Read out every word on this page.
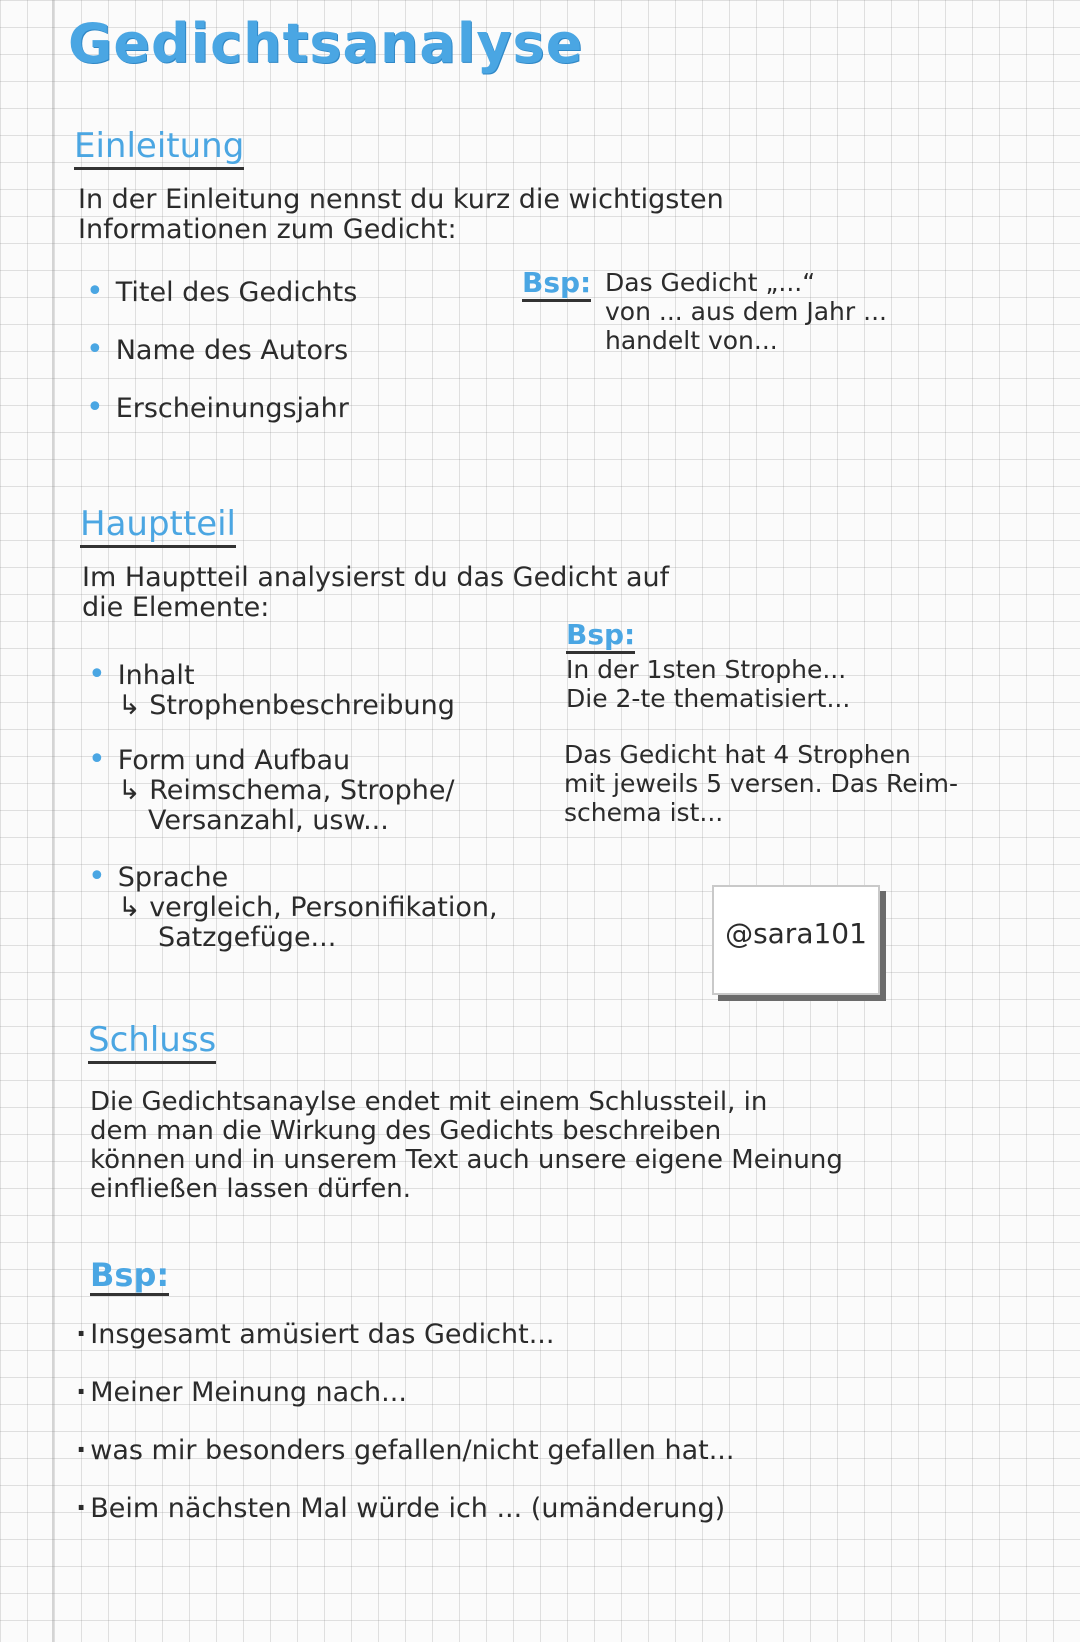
Gedichtsanalyse
Einleitung
In der Einleitung nennst du kurz die wichtigsten
Informationen zum Gedicht:
• Titel des Gedichts
• Name des Autors
• Erscheinungsjahr
Bsp: Das Gedicht „...“
von ... aus dem Jahr ...
handelt von...
Hauptteil
Im Hauptteil analysierst du das Gedicht auf
die Elemente:
• Inhalt
↳ Strophenbeschreibung
• Form und Aufbau
↳ Reimschema, Strophe/
Versanzahl, usw...
• Sprache
↳ vergleich, Personifikation,
Satzgefüge...
Bsp:
In der 1sten Strophe...
Die 2-te thematisiert...
Das Gedicht hat 4 Strophen
mit jeweils 5 versen. Das Reim-
schema ist...
@sara101
Schluss
Die Gedichtsanaylse endet mit einem Schlussteil, in
dem man die Wirkung des Gedichts beschreiben
können und in unserem Text auch unsere eigene Meinung
einfließen lassen dürfen.
Bsp:
· Insgesamt amüsiert das Gedicht...
· Meiner Meinung nach...
· was mir besonders gefallen/nicht gefallen hat...
· Beim nächsten Mal würde ich ... (umänderung)
